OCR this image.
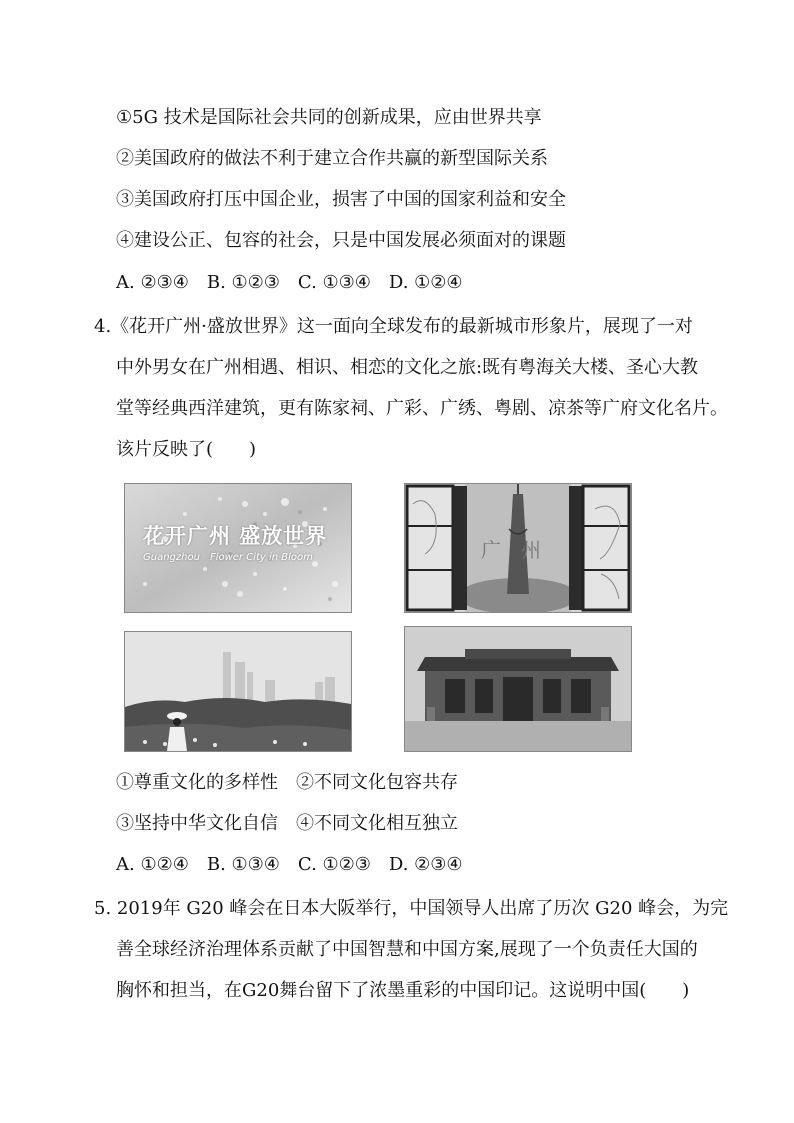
①5G 技术是国际社会共同的创新成果，应由世界共享
②美国政府的做法不利于建立合作共赢的新型国际关系
③美国政府打压中国企业，损害了中国的国家利益和安全
④建设公正、包容的社会，只是中国发展必须面对的课题
A. ②③④　B. ①②③　C. ①③④　D. ①②④
4.《花开广州·盛放世界》这一面向全球发布的最新城市形象片，展现了一对
中外男女在广州相遇、相识、相恋的文化之旅:既有粤海关大楼、圣心大教
堂等经典西洋建筑，更有陈家祠、广彩、广绣、粤剧、凉茶等广府文化名片。
该片反映了(　　)
花开广州 盛放世界
Guangzhou　Flower City in Bloom	广　州
①尊重文化的多样性　②不同文化包容共存
③坚持中华文化自信　④不同文化相互独立
A. ①②④　B. ①③④　C. ①②③　D. ②③④
5. 2019年 G20 峰会在日本大阪举行，中国领导人出席了历次 G20 峰会，为完
善全球经济治理体系贡献了中国智慧和中国方案,展现了一个负责任大国的
胸怀和担当，在G20舞台留下了浓墨重彩的中国印记。这说明中国(　　)
